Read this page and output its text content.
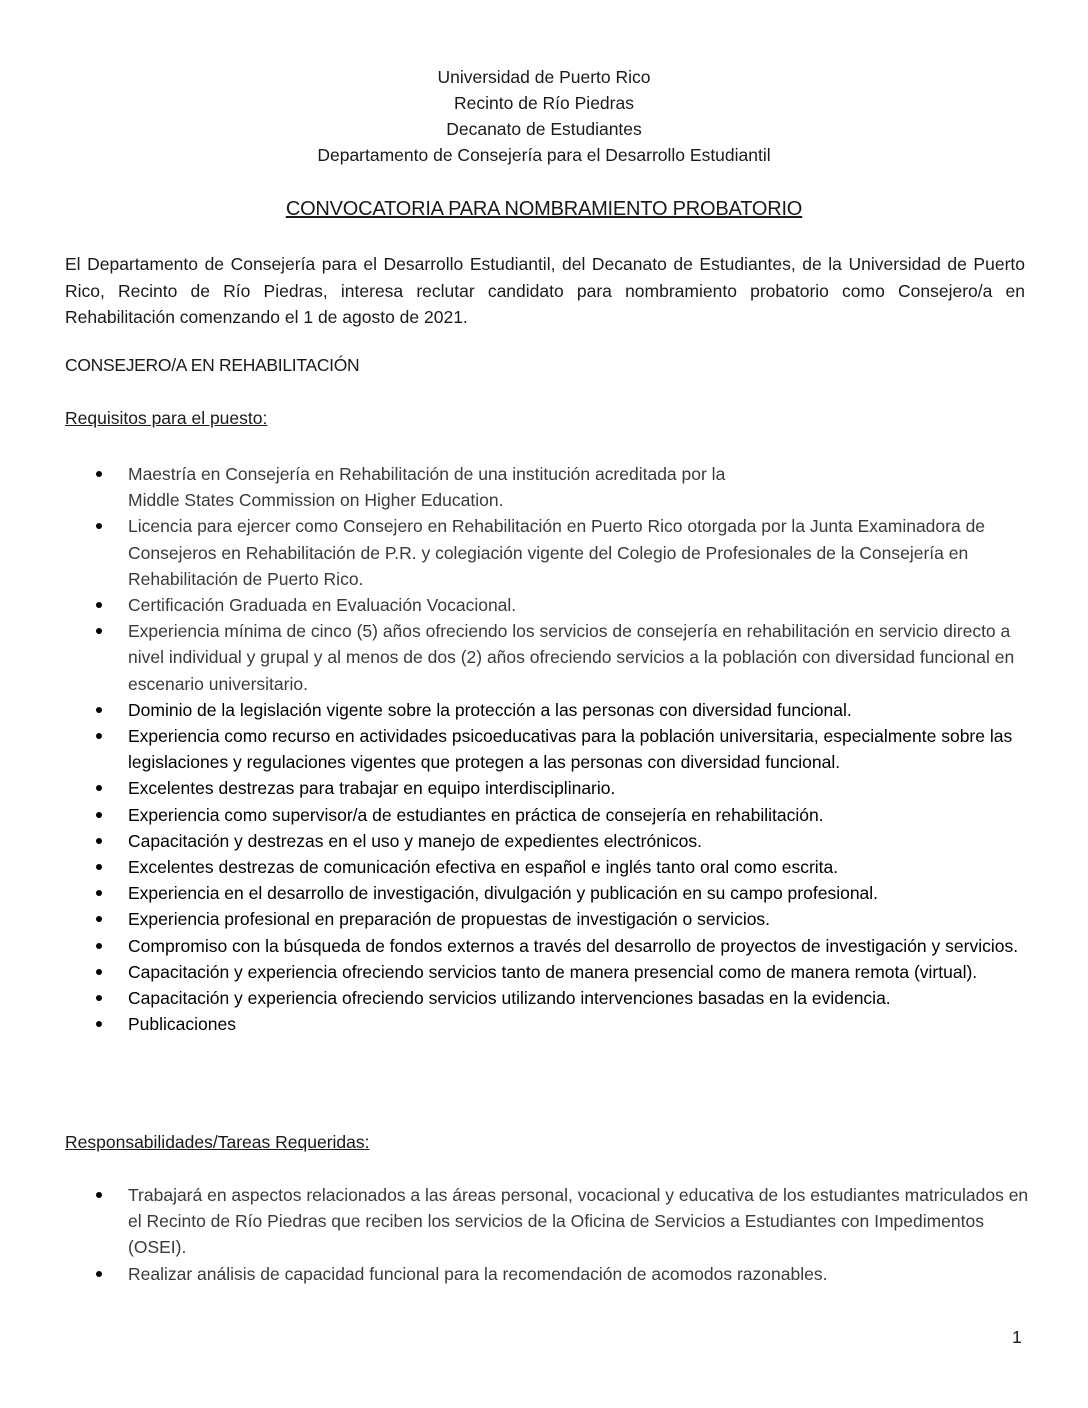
Universidad de Puerto Rico
Recinto de Río Piedras
Decanato de Estudiantes
Departamento de Consejería para el Desarrollo Estudiantil
CONVOCATORIA PARA NOMBRAMIENTO PROBATORIO

El Departamento de Consejería para el Desarrollo Estudiantil, del Decanato de Estudiantes, de la Universidad de Puerto Rico, Recinto de Río Piedras, interesa reclutar candidato para nombramiento probatorio como Consejero/a en Rehabilitación comenzando el 1 de agosto de 2021.

CONSEJERO/A EN REHABILITACIÓN
Requisitos para el puesto:
Maestría en Consejería en Rehabilitación de una institución acreditada por la
Middle States Commission on Higher Education.
Licencia para ejercer como Consejero en Rehabilitación en Puerto Rico otorgada por la Junta Examinadora de Consejeros en Rehabilitación de P.R. y colegiación vigente del Colegio de Profesionales de la Consejería en Rehabilitación de Puerto Rico.
Certificación Graduada en Evaluación Vocacional.
Experiencia mínima de cinco (5) años ofreciendo los servicios de consejería en rehabilitación en servicio directo a nivel individual y grupal y al menos de dos (2) años ofreciendo servicios a la población con diversidad funcional en escenario universitario.
Dominio de la legislación vigente sobre la protección a las personas con diversidad funcional.
Experiencia como recurso en actividades psicoeducativas para la población universitaria, especialmente sobre las legislaciones y regulaciones vigentes que protegen a las personas con diversidad funcional.
Excelentes destrezas para trabajar en equipo interdisciplinario.
Experiencia como supervisor/a de estudiantes en práctica de consejería en rehabilitación.
Capacitación y destrezas en el uso y manejo de expedientes electrónicos.
Excelentes destrezas de comunicación efectiva en español e inglés tanto oral como escrita.
Experiencia en el desarrollo de investigación, divulgación y publicación en su campo profesional.
Experiencia profesional en preparación de propuestas de investigación o servicios.
Compromiso con la búsqueda de fondos externos a través del desarrollo de proyectos de investigación y servicios.
Capacitación y experiencia ofreciendo servicios tanto de manera presencial como de manera remota (virtual).
Capacitación y experiencia ofreciendo servicios utilizando intervenciones basadas en la evidencia.
Publicaciones
Responsabilidades/Tareas Requeridas:
Trabajará en aspectos relacionados a las áreas personal, vocacional y educativa de los estudiantes matriculados en el Recinto de Río Piedras que reciben los servicios de la Oficina de Servicios a Estudiantes con Impedimentos (OSEI).
Realizar análisis de capacidad funcional para la recomendación de acomodos razonables.
1
